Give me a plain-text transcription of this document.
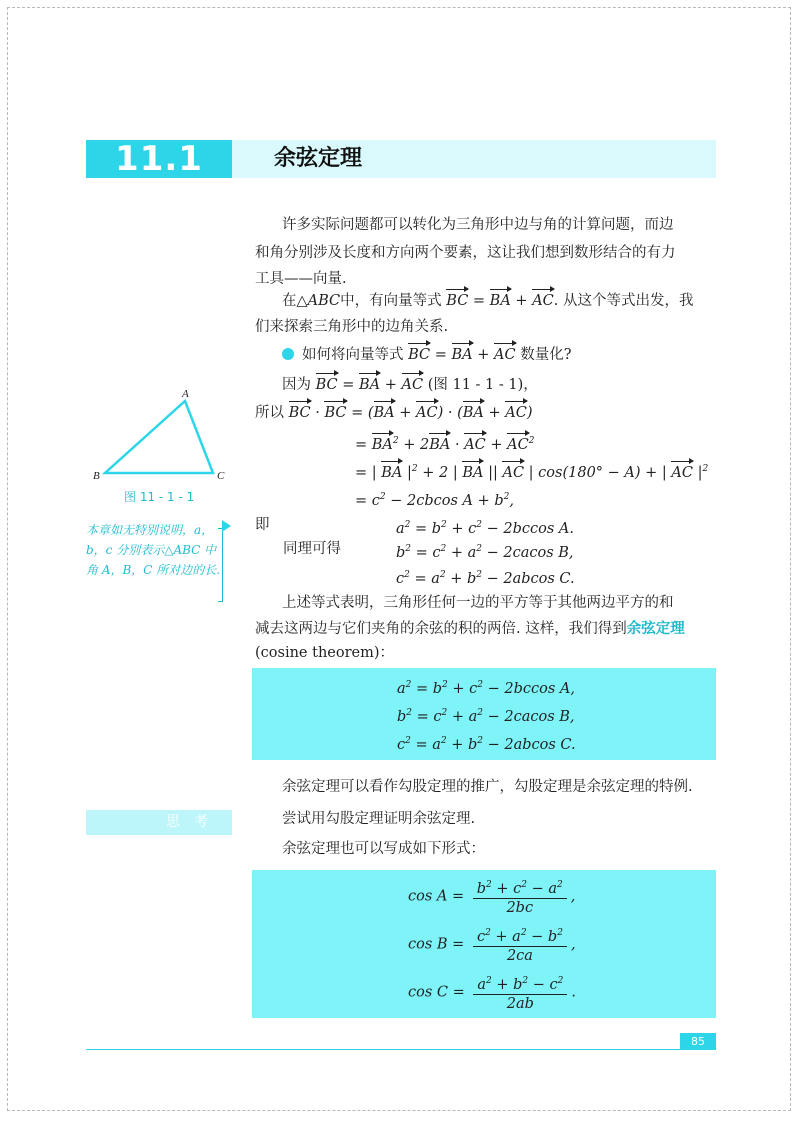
11.1	余弦定理
许多实际问题都可以转化为三角形中边与角的计算问题，而边
和角分别涉及长度和方向两个要素，这让我们想到数形结合的有力
工具——向量.
在△ABC中，有向量等式 BC = BA + AC. 从这个等式出发，我
们来探索三角形中的边角关系.
如何将向量等式 BC = BA + AC 数量化?
因为 BC = BA + AC (图 11 - 1 - 1)，
所以 BC · BC = (BA + AC) · (BA + AC)
= $BA^2 + 2BA$ · AC + $AC^2$
= | BA $|^2 + 2$ | BA || AC | cos(180° − A) + | AC $|^2$
= $c^2 - 2cbcos$ $A + b^2$,
即	$a^2 = b^2 + c^2 - 2bccos$ A.
同理可得	$b^2 = c^2 + a^2 - 2cacos$ B,
$c^2 = a^2 + b^2 - 2abcos$ C.
A
B	C
图 11 - 1 - 1
本章如无特别说明，a，b，c 分别表示△ABC 中角 A，B，C 所对边的长.
上述等式表明，三角形任何一边的平方等于其他两边平方的和
减去这两边与它们夹角的余弦的积的两倍. 这样，我们得到余弦定理
(cosine theorem)：
$a^2 = b^2 + c^2 - 2bccos$ A,
$b^2 = c^2 + a^2 - 2cacos$ B,
$c^2 = a^2 + b^2 - 2abcos$ C.
余弦定理可以看作勾股定理的推广，勾股定理是余弦定理的特例.
思考	尝试用勾股定理证明余弦定理.
余弦定理也可以写成如下形式：
$\cos A = \frac{b^2 + c^2 - a^2}{2bc}$ ,
$\cos B = \frac{c^2 + a^2 - b^2}{2ca}$ ,
$\cos C = \frac{a^2 + b^2 - c^2}{2ab}$ .
85
